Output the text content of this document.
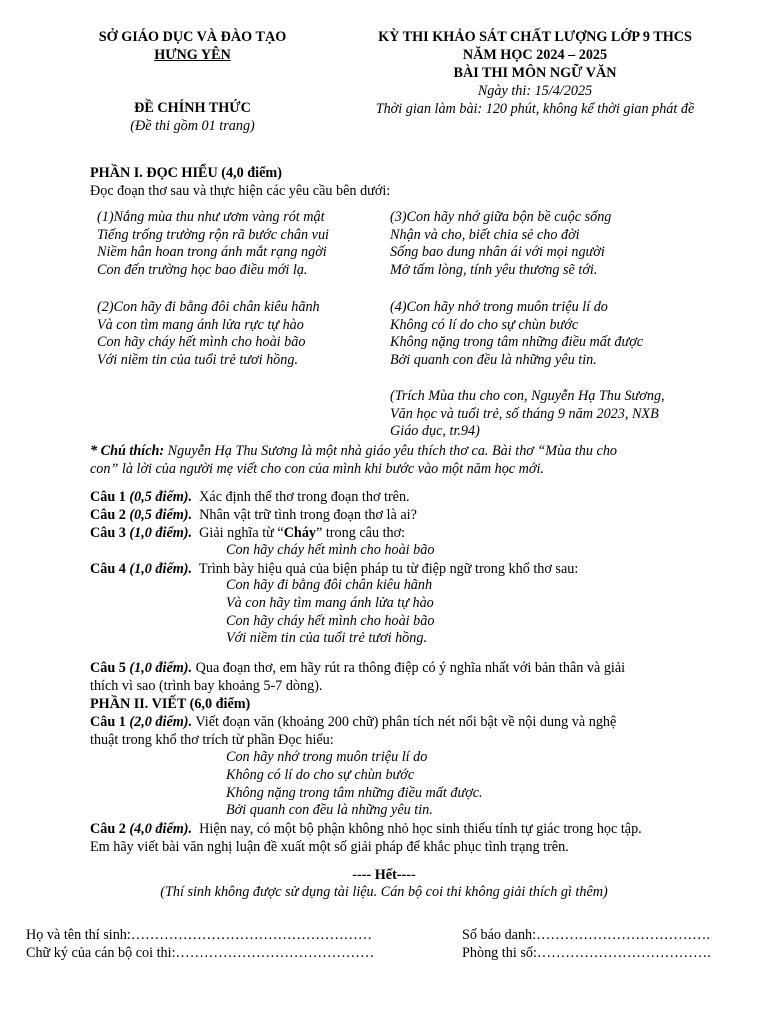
SỞ GIÁO DỤC VÀ ĐÀO TẠO
HƯNG YÊN
ĐỀ CHÍNH THỨC
(Đề thi gồm 01 trang)
KỲ THI KHẢO SÁT CHẤT LƯỢNG LỚP 9 THCS
NĂM HỌC 2024 – 2025
BÀI THI MÔN NGỮ VĂN
Ngày thi: 15/4/2025
Thời gian làm bài: 120 phút, không kể thời gian phát đề
PHẦN I. ĐỌC HIỂU (4,0 điểm)
Đọc đoạn thơ sau và thực hiện các yêu cầu bên dưới:
(1)Nắng mùa thu như ươm vàng rót mật
Tiếng trống trường rộn rã bước chân vui
Niềm hân hoan trong ánh mắt rạng ngời
Con đến trường học bao điều mới lạ.
(2)Con hãy đi bằng đôi chân kiêu hãnh
Và con tìm mang ánh lửa rực tự hào
Con hãy cháy hết mình cho hoài bão
Với niềm tin của tuổi trẻ tươi hồng.
(3)Con hãy nhớ giữa bộn bề cuộc sống
Nhận và cho, biết chia sẻ cho đời
Sống bao dung nhân ái với mọi người
Mở tấm lòng, tính yêu thương sẽ tới.
(4)Con hãy nhớ trong muôn triệu lí do
Không có lí do cho sự chùn bước
Không nặng trong tâm những điều mất được
Bởi quanh con đều là những yêu tin.
(Trích Mùa thu cho con, Nguyễn Hạ Thu Sương,
Văn học và tuổi trẻ, số tháng 9 năm 2023, NXB
Giáo dục, tr.94)
* Chú thích: Nguyễn Hạ Thu Sương là một nhà giáo yêu thích thơ ca. Bài thơ “Mùa thu cho
con” là lời của người mẹ viết cho con của mình khi bước vào một năm học mới.
Câu 1 (0,5 điểm). Xác định thể thơ trong đoạn thơ trên.
Câu 2 (0,5 điểm). Nhân vật trữ tình trong đoạn thơ là ai?
Câu 3 (1,0 điểm). Giải nghĩa từ “Cháy” trong câu thơ:
Con hãy cháy hết mình cho hoài bão
Câu 4 (1,0 điểm). Trình bày hiệu quả của biện pháp tu từ điệp ngữ trong khổ thơ sau:
Con hãy đi bằng đôi chân kiêu hãnh
Và con hãy tìm mang ánh lửa tự hào
Con hãy cháy hết mình cho hoài bão
Với niềm tin của tuổi trẻ tươi hồng.
Câu 5 (1,0 điểm). Qua đoạn thơ, em hãy rút ra thông điệp có ý nghĩa nhất với bản thân và giải
thích vì sao (trình bay khoảng 5-7 dòng).
PHẦN II. VIẾT (6,0 điểm)
Câu 1 (2,0 điểm). Viết đoạn văn (khoảng 200 chữ) phân tích nét nổi bật về nội dung và nghệ
thuật trong khổ thơ trích từ phần Đọc hiểu:
Con hãy nhớ trong muôn triệu lí do
Không có lí do cho sự chùn bước
Không nặng trong tâm những điều mất được.
Bởi quanh con đều là những yêu tin.
Câu 2 (4,0 điểm). Hiện nay, có một bộ phận không nhỏ học sinh thiếu tính tự giác trong học tập.
Em hãy viết bài văn nghị luận đề xuất một số giải pháp để khắc phục tình trạng trên.
---- Hết----
(Thí sinh không được sử dụng tài liệu. Cán bộ coi thi không giải thích gì thêm)
Họ và tên thí sinh:……………………………………………
Chữ ký của cán bộ coi thi:……………………………………
Số báo danh:……………………………….
Phòng thi số:……………………………….
